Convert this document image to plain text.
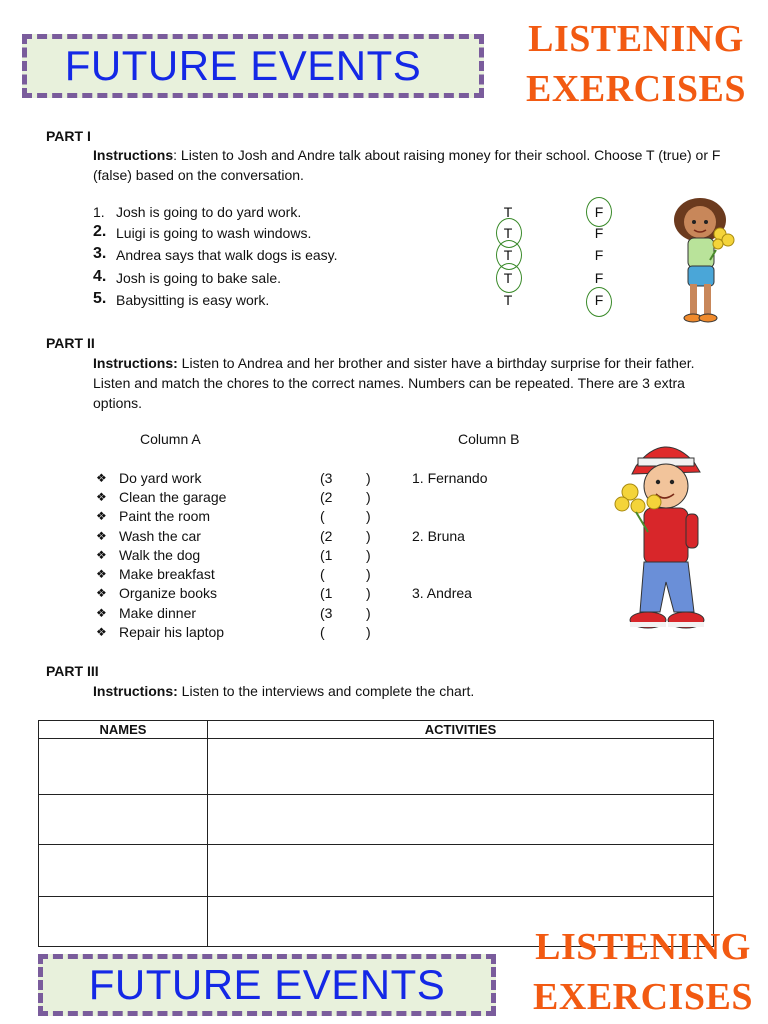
FUTURE EVENTS
LISTENING
EXERCISES
PART I
Instructions: Listen to Josh and Andre talk about raising money for their school. Choose T (true) or F (false) based on the conversation.
1. Josh is going to do yard work.	T	F
2. Luigi is going to wash windows.	T	F
3. Andrea says that walk dogs is easy.	T	F
4. Josh is going to bake sale.	T	F
5. Babysitting is easy work.	T	F
PART II
Instructions: Listen to Andrea and her brother and sister have a birthday surprise for their father. Listen and match the chores to the correct names. Numbers can be repeated. There are 3 extra options.
Column A	Column B
❖ Do yard work	(3 )
❖ Clean the garage	(2 )
❖ Paint the room	(	)
❖ Wash the car	(2 )
❖ Walk the dog	(1 )
❖ Make breakfast	(	)
❖ Organize books	(1 )
❖ Make dinner	(3 )
❖ Repair his laptop	(	)
1. Fernando
2. Bruna
3. Andrea
PART III
Instructions: Listen to the interviews and complete the chart.
NAMES	ACTIVITIES

FUTURE EVENTS
LISTENING
EXERCISES
